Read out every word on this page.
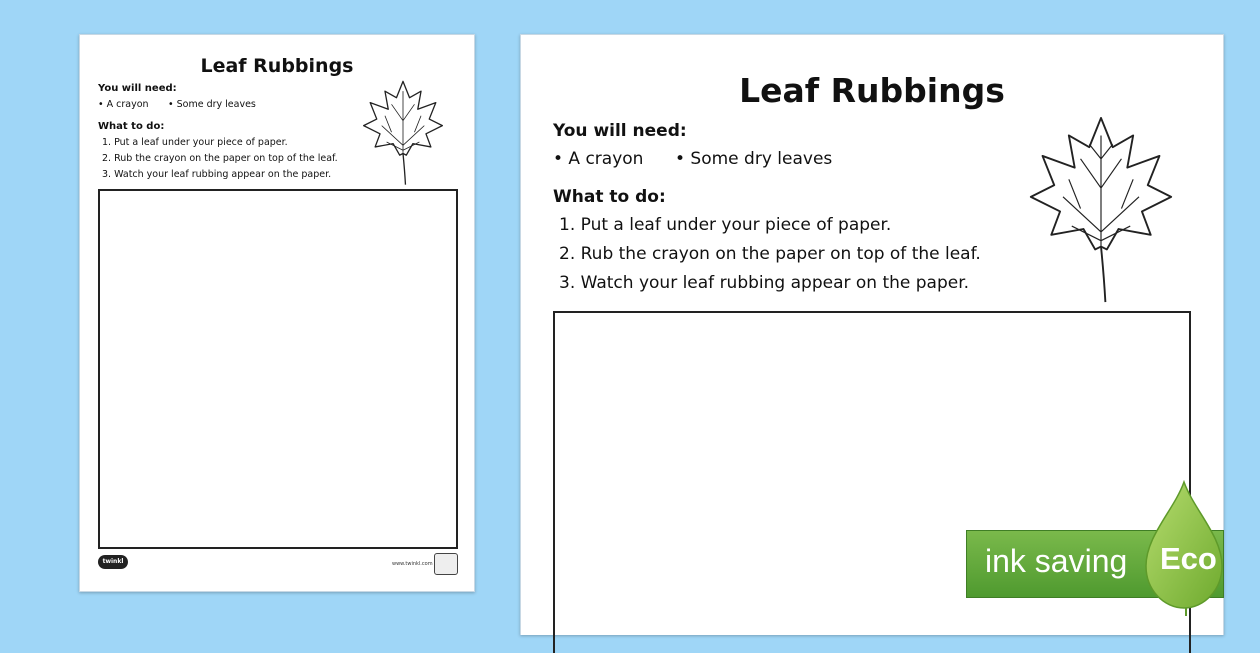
Leaf Rubbings
You will need:
• A crayon • Some dry leaves
What to do:
1. Put a leaf under your piece of paper.
2. Rub the crayon on the paper on top of the leaf.
3. Watch your leaf rubbing appear on the paper.
twinkl	www.twinkl.com
Leaf Rubbings
You will need:
• A crayon • Some dry leaves
What to do:
1. Put a leaf under your piece of paper.
2. Rub the crayon on the paper on top of the leaf.
3. Watch your leaf rubbing appear on the paper.
ink saving Eco
